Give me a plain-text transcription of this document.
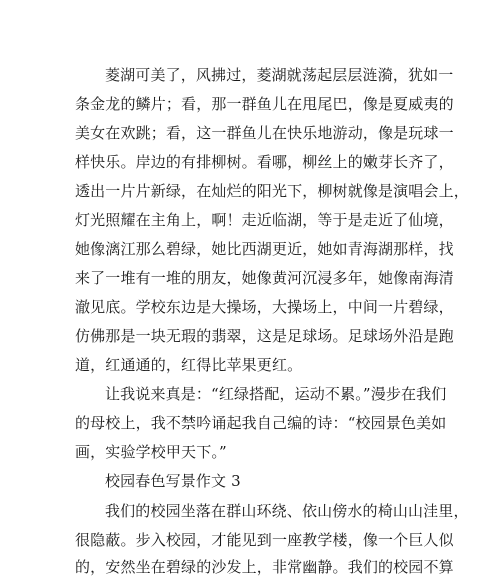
菱湖可美了，风拂过，菱湖就荡起层层涟漪，犹如一
条金龙的鳞片；看，那一群鱼儿在甩尾巴，像是夏威夷的
美女在欢跳；看，这一群鱼儿在快乐地游动，像是玩球一
样快乐。岸边的有排柳树。看哪，柳丝上的嫩芽长齐了，
透出一片片新绿，在灿烂的阳光下，柳树就像是演唱会上，
灯光照耀在主角上，啊！走近临湖，等于是走近了仙境，
她像漓江那么碧绿，她比西湖更近，她如青海湖那样，找
来了一堆有一堆的朋友，她像黄河沉浸多年，她像南海清
澈见底。学校东边是大操场，大操场上，中间一片碧绿，
仿佛那是一块无瑕的翡翠，这是足球场。足球场外沿是跑
道，红通通的，红得比苹果更红。
让我说来真是：“红绿搭配，运动不累。”漫步在我们
的母校上，我不禁吟诵起我自己编的诗：“校园景色美如
画，实验学校甲天下。”
校园春色写景作文 3
我们的校园坐落在群山环绕、依山傍水的椅山山洼里，
很隐蔽。步入校园，才能见到一座教学楼，像一个巨人似
的，安然坐在碧绿的沙发上，非常幽静。我们的校园不算
